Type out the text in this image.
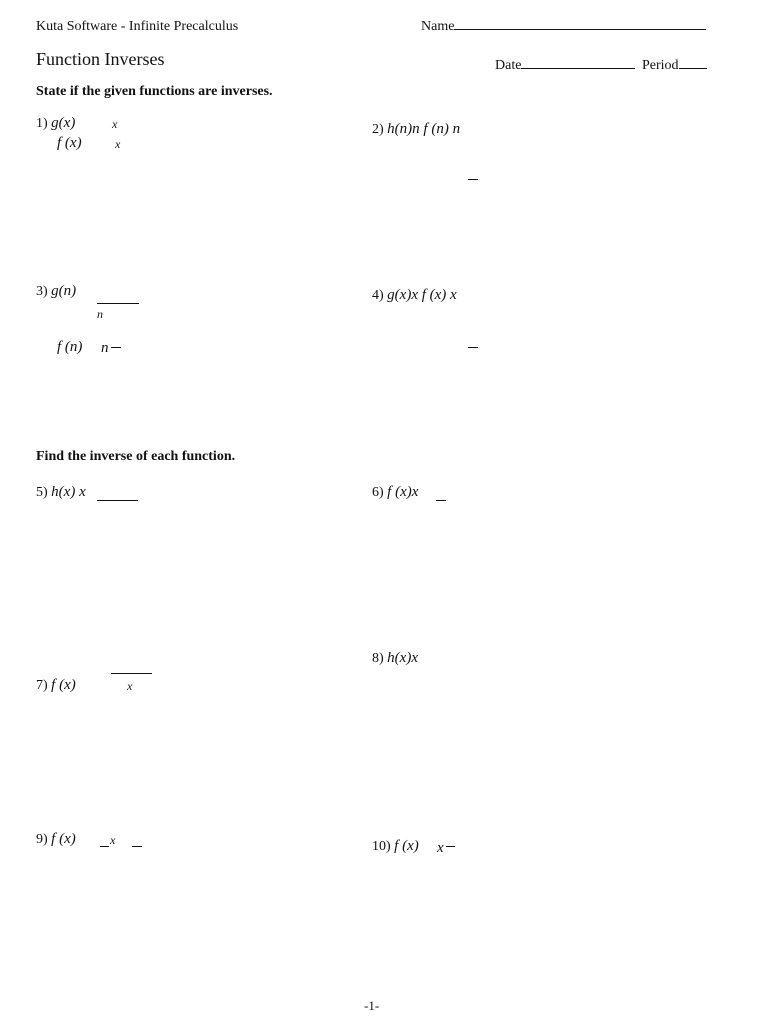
Kuta Software - Infinite Precalculus	Name
Function Inverses	Date	Period
State if the given functions are inverses.
1) g(x)	x
f (x)	x
2) h(n)n f (n) n
3) g(n)
n
f (n) n
4) g(x)x f (x) x
Find the inverse of each function.
5) h(x) x	6) f (x)x
8) h(x)x
7) f (x)	x
9) f (x)	x	10) f (x) x
-1-
